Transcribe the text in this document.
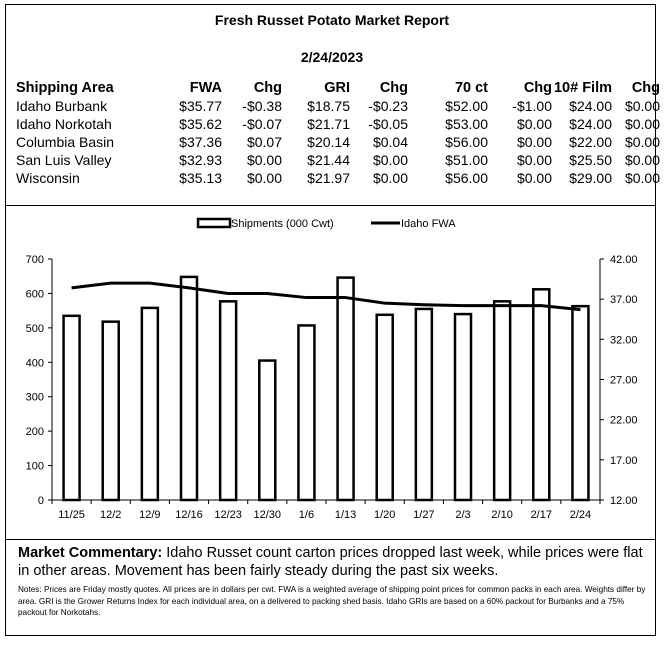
Fresh Russet Potato Market Report
2/24/2023
Shipping Area	FWA	Chg	GRI	Chg	70 ct	Chg	10# Film	Chg
Idaho Burbank	$35.77	-$0.38	$18.75	-$0.23	$52.00	-$1.00	$24.00	$0.00
Idaho Norkotah	$35.62	-$0.07	$21.71	-$0.05	$53.00	$0.00	$24.00	$0.00
Columbia Basin	$37.36	$0.07	$20.14	$0.04	$56.00	$0.00	$22.00	$0.00
San Luis Valley	$32.93	$0.00	$21.44	$0.00	$51.00	$0.00	$25.50	$0.00
Wisconsin	$35.13	$0.00	$21.97	$0.00	$56.00	$0.00	$29.00	$0.00
Shipments (000 Cwt)	Idaho FWA
0
100
200
300
400
500
600
700
12.00
17.00
22.00
27.00
32.00
37.00
42.00
11/25 12/2 12/9 12/16 12/23 12/30 1/6 1/13 1/20 1/27 2/3 2/10 2/17 2/24
Market Commentary: Idaho Russet count carton prices dropped last week, while prices were flat in other areas. Movement has been fairly steady during the past six weeks.
Notes: Prices are Friday mostly quotes. All prices are in dollars per cwt. FWA is a weighted average of shipping point prices for common packs in each area. Weights differ by area. GRI is the Grower Returns Index for each individual area, on a delivered to packing shed basis. Idaho GRIs are based on a 60% packout for Burbanks and a 75% packout for Norkotahs.
